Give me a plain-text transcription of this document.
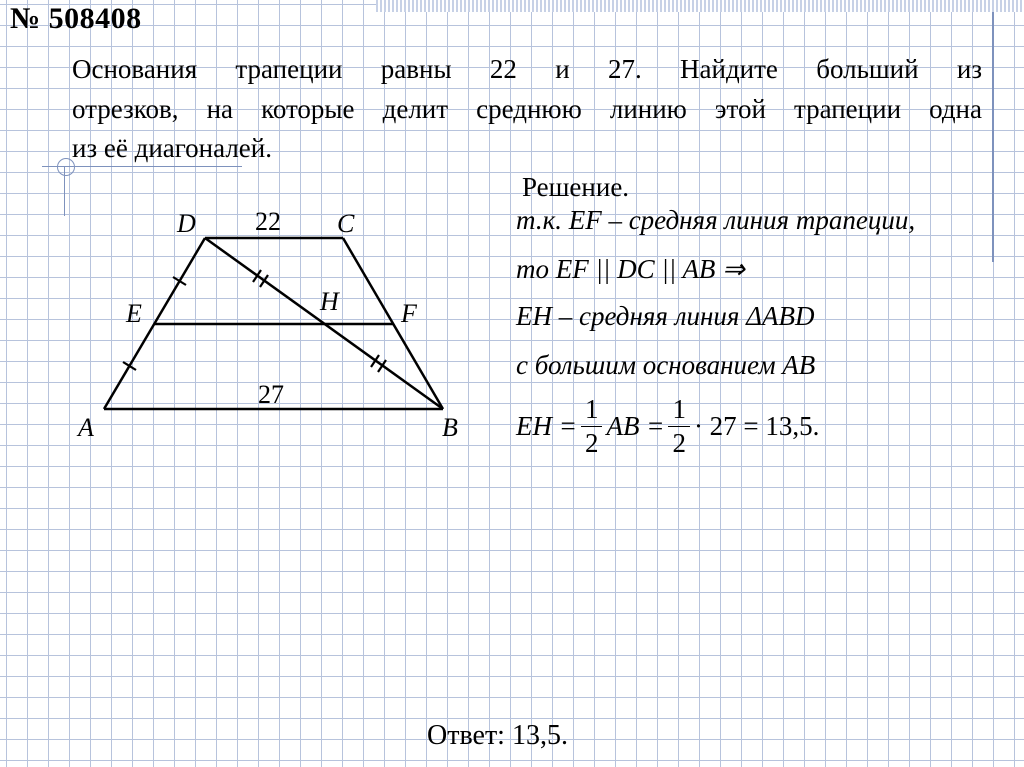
№ 508408
Основания трапеции равны 22 и 27. Найдите больший из
отрезков, на которые делит среднюю линию этой трапеции одна
из её диагоналей.
D 22 C
E	H F
27
A	B
Решение.
т.к. EF – средняя линия трапеции,
то EF || DC || AB ⇒
EH – средняя линия ΔABD
с большим основанием AB
EH = $\frac{1}{2}$ AB = $\frac{1}{2} \cdot 27 = 13,5$.
Ответ: 13,5.
